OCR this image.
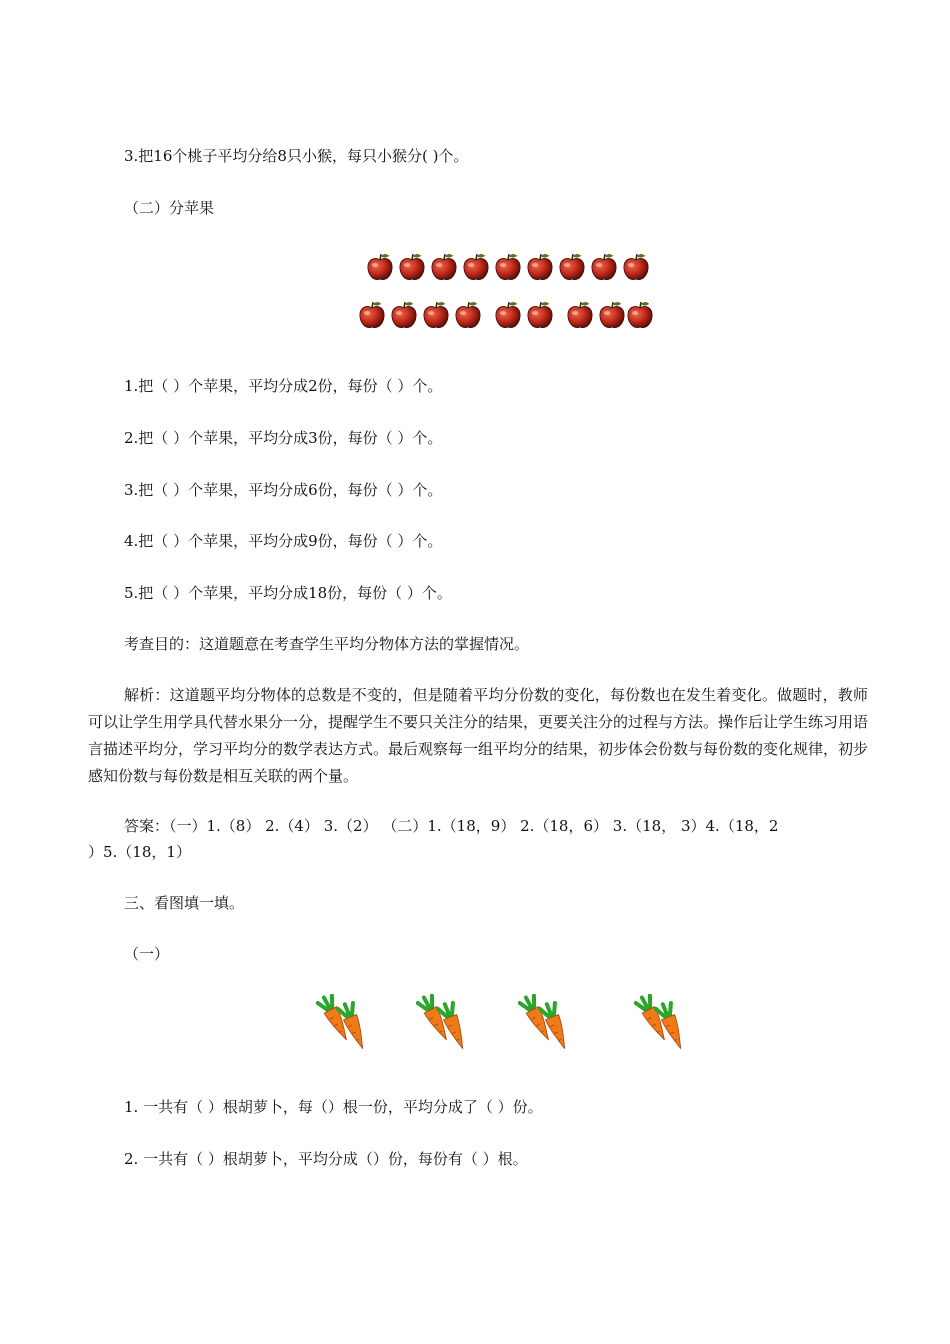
3.把16个桃子平均分给8只小猴，每只小猴分( )个。
（二）分苹果
1.把（ ）个苹果，平均分成2份，每份（ ）个。
2.把（ ）个苹果，平均分成3份，每份（ ）个。
3.把（ ）个苹果，平均分成6份，每份（ ）个。
4.把（ ）个苹果，平均分成9份，每份（ ）个。
5.把（ ）个苹果，平均分成18份，每份（ ）个。
考查目的：这道题意在考查学生平均分物体方法的掌握情况。
解析：这道题平均分物体的总数是不变的，但是随着平均分份数的变化，每份数也在发生着变化。做题时，教师可以让学生用学具代替水果分一分，提醒学生不要只关注分的结果，更要关注分的过程与方法。操作后让学生练习用语言描述平均分，学习平均分的数学表达方式。最后观察每一组平均分的结果，初步体会份数与每份数的变化规律，初步感知份数与每份数是相互关联的两个量。
答案：（一）1.（8） 2.（4） 3.（2） （二）1.（18，9） 2.（18，6） 3.（18， 3）4.（18，2
）5.（18，1）
三、看图填一填。
（一）
1. 一共有（ ）根胡萝卜，每（）根一份，平均分成了（ ）份。
2. 一共有（ ）根胡萝卜，平均分成（）份，每份有（ ）根。
